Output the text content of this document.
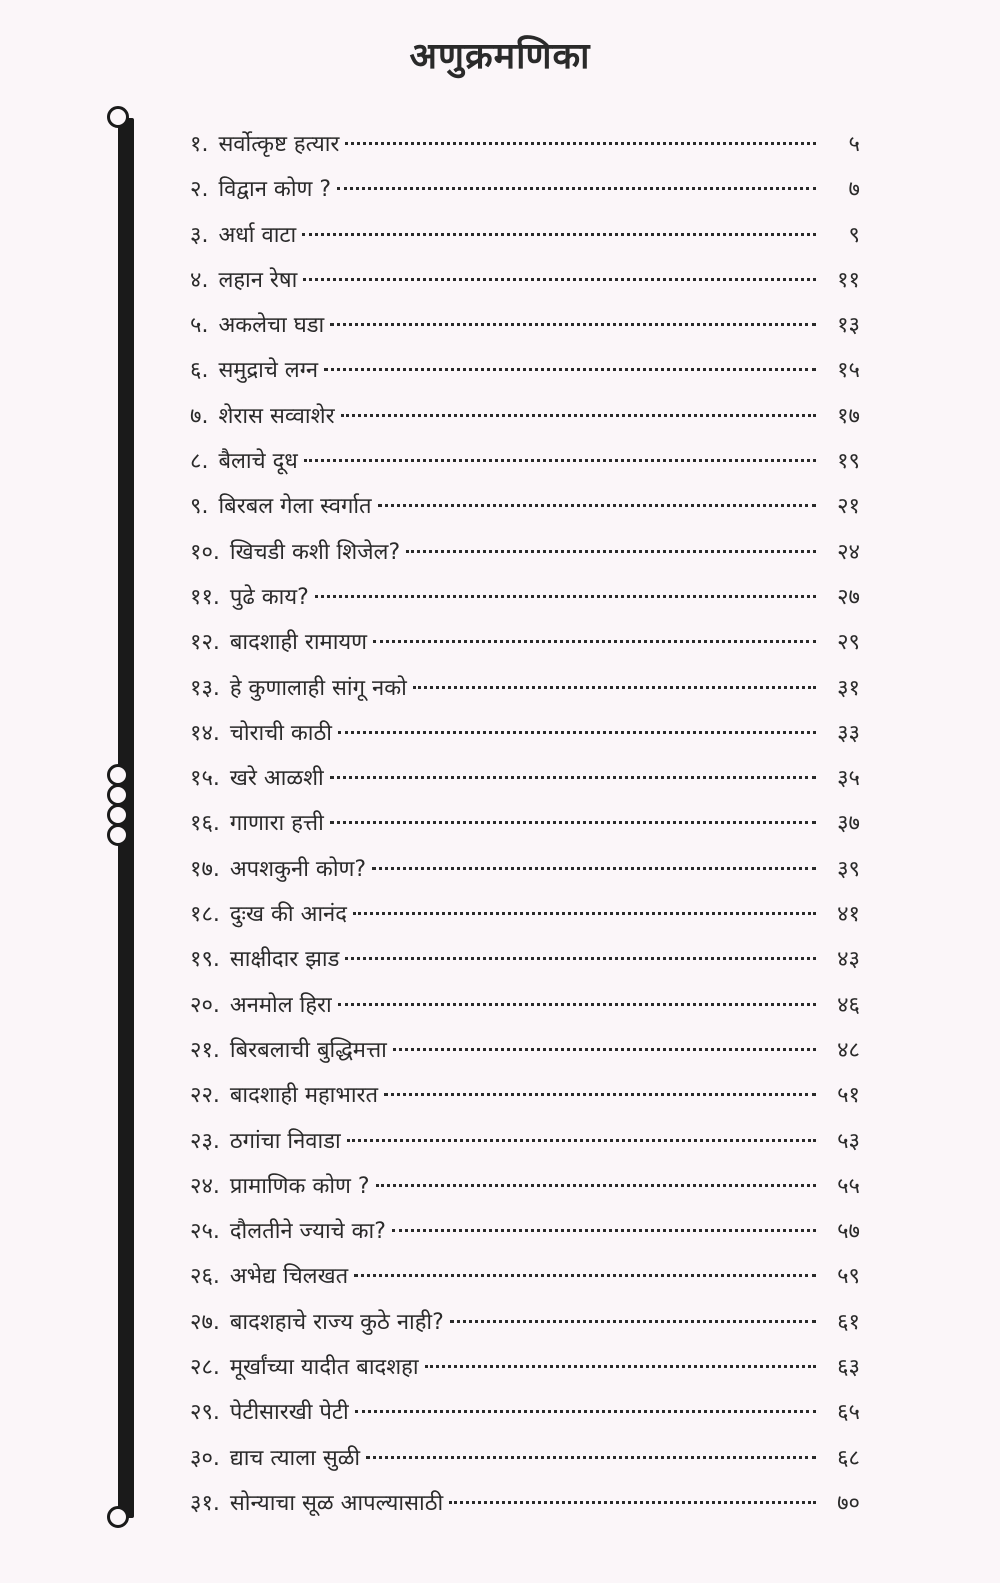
अणुक्रमणिका
१. सर्वोत्कृष्ट हत्यार	५
२. विद्वान कोण ?	७
३. अर्धा वाटा	९
४. लहान रेषा	११
५. अकलेचा घडा	१३
६. समुद्राचे लग्न	१५
७. शेरास सव्वाशेर	१७
८. बैलाचे दूध	१९
९. बिरबल गेला स्वर्गात	२१
१०. खिचडी कशी शिजेल?	२४
११. पुढे काय?	२७
१२. बादशाही रामायण	२९
१३. हे कुणालाही सांगू नको	३१
१४. चोराची काठी	३३
१५. खरे आळशी	३५
१६. गाणारा हत्ती	३७
१७. अपशकुनी कोण?	३९
१८. दुःख की आनंद	४१
१९. साक्षीदार झाड	४३
२०. अनमोल हिरा	४६
२१. बिरबलाची बुद्धिमत्ता	४८
२२. बादशाही महाभारत	५१
२३. ठगांचा निवाडा	५३
२४. प्रामाणिक कोण ?	५५
२५. दौलतीने ज्याचे का?	५७
२६. अभेद्य चिलखत	५९
२७. बादशहाचे राज्य कुठे नाही?	६१
२८. मूर्खांच्या यादीत बादशहा	६३
२९. पेटीसारखी पेटी	६५
३०. द्याच त्याला सुळी	६८
३१. सोन्याचा सूळ आपल्यासाठी	७०
